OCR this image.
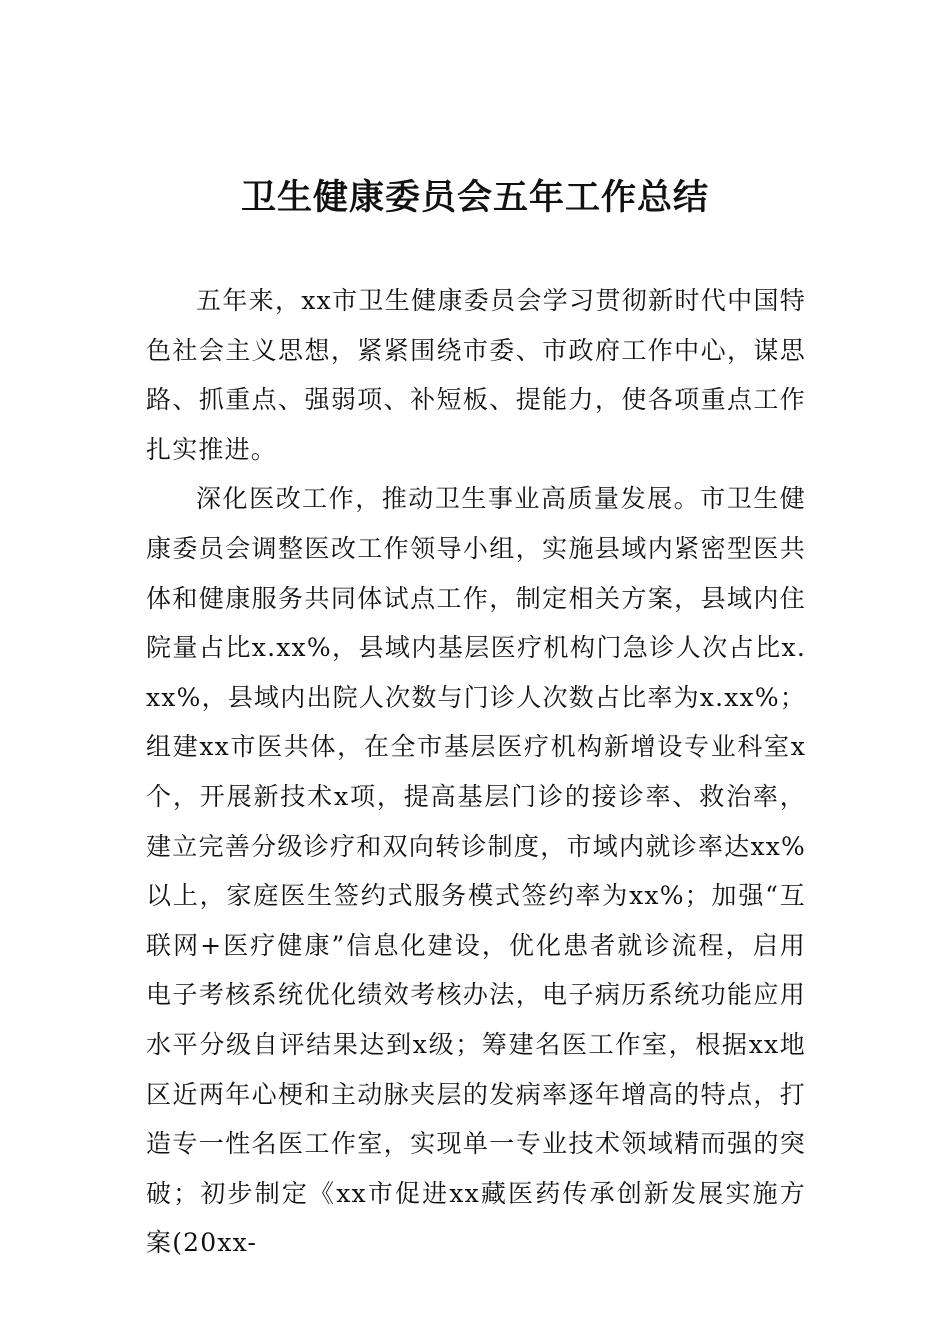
卫生健康委员会五年工作总结

五年来，xx市卫生健康委员会学习贯彻新时代中国特色社会主义思想，紧紧围绕市委、市政府工作中心，谋思路、抓重点、强弱项、补短板、提能力，使各项重点工作扎实推进。

深化医改工作，推动卫生事业高质量发展。市卫生健康委员会调整医改工作领导小组，实施县域内紧密型医共体和健康服务共同体试点工作，制定相关方案，县域内住院量占比x.xx%，县域内基层医疗机构门急诊人次占比x.xx%，县域内出院人次数与门诊人次数占比率为x.xx%；组建xx市医共体，在全市基层医疗机构新增设专业科室x个，开展新技术x项，提高基层门诊的接诊率、救治率，建立完善分级诊疗和双向转诊制度，市域内就诊率达xx%以上，家庭医生签约式服务模式签约率为xx%；加强“互联网+医疗健康”信息化建设，优化患者就诊流程，启用电子考核系统优化绩效考核办法，电子病历系统功能应用水平分级自评结果达到x级；筹建名医工作室，根据xx地区近两年心梗和主动脉夹层的发病率逐年增高的特点，打造专一性名医工作室，实现单一专业技术领域精而强的突破；初步制定《xx市促进xx藏医药传承创新发展实施方案(20xx-
